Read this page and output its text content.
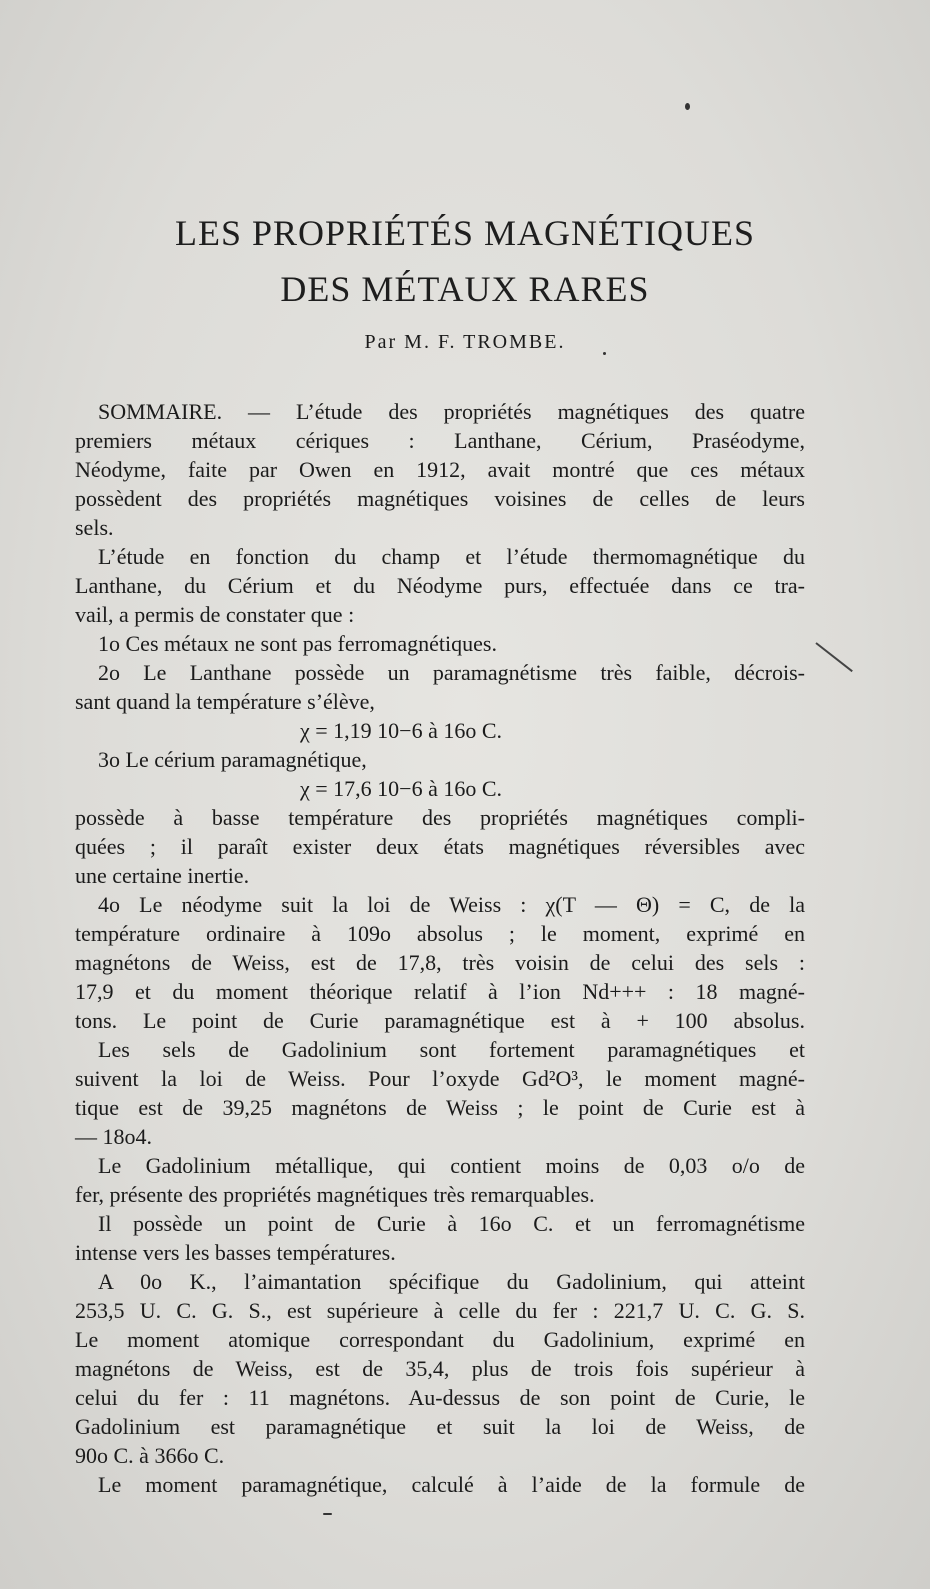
LES PROPRIÉTÉS MAGNÉTIQUES
DES MÉTAUX RARES
Par M. F. TROMBE.
SOMMAIRE. — L’étude des propriétés magnétiques des quatre
premiers métaux cériques : Lanthane, Cérium, Praséodyme,
Néodyme, faite par Owen en 1912, avait montré que ces métaux
possèdent des propriétés magnétiques voisines de celles de leurs
sels.
L’étude en fonction du champ et l’étude thermomagnétique du
Lanthane, du Cérium et du Néodyme purs, effectuée dans ce tra-
vail, a permis de constater que :
1o Ces métaux ne sont pas ferromagnétiques.
2o Le Lanthane possède un paramagnétisme très faible, décrois-
sant quand la température s’élève,
χ = 1,19 10−6 à 16o C.
3o Le cérium paramagnétique,
χ = 17,6 10−6 à 16o C.
possède à basse température des propriétés magnétiques compli-
quées ; il paraît exister deux états magnétiques réversibles avec
une certaine inertie.
4o Le néodyme suit la loi de Weiss : χ(T — Θ) = C, de la
température ordinaire à 109o absolus ; le moment, exprimé en
magnétons de Weiss, est de 17,8, très voisin de celui des sels :
17,9 et du moment théorique relatif à l’ion Nd+++ : 18 magné-
tons. Le point de Curie paramagnétique est à + 100 absolus.
Les sels de Gadolinium sont fortement paramagnétiques et
suivent la loi de Weiss. Pour l’oxyde Gd²O³, le moment magné-
tique est de 39,25 magnétons de Weiss ; le point de Curie est à
— 18o4.
Le Gadolinium métallique, qui contient moins de 0,03 o/o de
fer, présente des propriétés magnétiques très remarquables.
Il possède un point de Curie à 16o C. et un ferromagnétisme
intense vers les basses températures.
A 0o K., l’aimantation spécifique du Gadolinium, qui atteint
253,5 U. C. G. S., est supérieure à celle du fer : 221,7 U. C. G. S.
Le moment atomique correspondant du Gadolinium, exprimé en
magnétons de Weiss, est de 35,4, plus de trois fois supérieur à
celui du fer : 11 magnétons. Au-dessus de son point de Curie, le
Gadolinium est paramagnétique et suit la loi de Weiss, de
90o C. à 366o C.
Le moment paramagnétique, calculé à l’aide de la formule de
